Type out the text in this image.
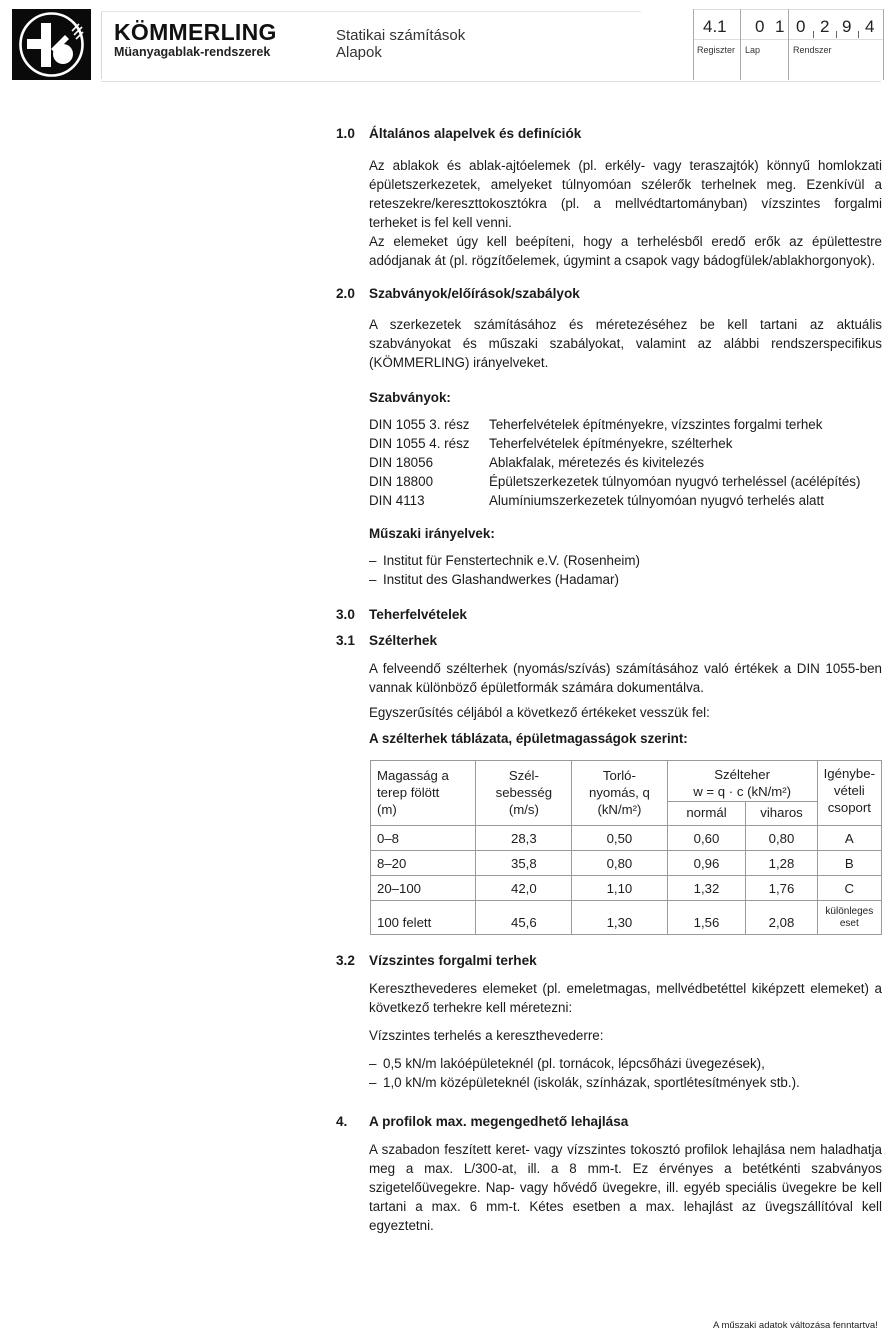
KÖMMERLING
Müanyagablak-rendszerek
Statikai számítások
Alapok
4.1
Regiszter
0 1
Lap
0 2 9 4
Rendszer
1.0 Általános alapelvek és definíciók

Az ablakok és ablak-ajtóelemek (pl. erkély- vagy teraszajtók) könnyű homlokzati épületszerkezetek, amelyeket túlnyomóan szélerők terhelnek meg. Ezenkívül a reteszekre/kereszttokosztókra (pl. a mellvédtartományban) vízszintes forgalmi terheket is fel kell venni.

Az elemeket úgy kell beépíteni, hogy a terhelésből eredő erők az épülettestre adódjanak át (pl. rögzítőelemek, úgymint a csapok vagy bádogfülek/ablakhorgonyok).

2.0 Szabványok/előírások/szabályok

A szerkezetek számításához és méretezéséhez be kell tartani az aktuális szabványokat és műszaki szabályokat, valamint az alábbi rendszerspecifikus (KÖMMERLING) irányelveket.

Szabványok:

DIN 1055 3. rész	Teherfelvételek építményekre, vízszintes forgalmi terhek
DIN 1055 4. rész	Teherfelvételek építményekre, szélterhek
DIN 18056	Ablakfalak, méretezés és kivitelezés
DIN 18800	Épületszerkezetek túlnyomóan nyugvó terheléssel (acélépítés)
DIN 4113	Alumíniumszerkezetek túlnyomóan nyugvó terhelés alatt

Műszaki irányelvek:

– Institut für Fenstertechnik e.V. (Rosenheim)
– Institut des Glashandwerkes (Hadamar)
3.0 Teherfelvételek
3.1 Szélterhek

A felveendő szélterhek (nyomás/szívás) számításához való értékek a DIN 1055-ben vannak különböző épületformák számára dokumentálva.

Egyszerűsítés céljából a következő értékeket vesszük fel:

A szélterhek táblázata, épületmagasságok szerint:

Magasság a
terep fölött
(m)	Szél-
sebesség
(m/s)	Torló-
nyomás, q
(kN/m²)	Szélteher
w = q · c (kN/m²)		Igénybe-
vételi
csoport
			normál	viharos	
0–8	28,3	0,50	0,60	0,80	A
8–20	35,8	0,80	0,96	1,28	B
20–100	42,0	1,10	1,32	1,76	C
100 felett	45,6	1,30	1,56	2,08	különleges eset
3.2 Vízszintes forgalmi terhek

Kereszthevederes elemeket (pl. emeletmagas, mellvédbetéttel kiképzett elemeket) a következő terhekre kell méretezni:

Vízszintes terhelés a kereszthevederre:

– 0,5 kN/m lakóépületeknél (pl. tornácok, lépcsőházi üvegezések),
– 1,0 kN/m középületeknél (iskolák, színházak, sportlétesítmények stb.).
4. A profilok max. megengedhető lehajlása

A szabadon feszített keret- vagy vízszintes tokosztó profilok lehajlása nem haladhatja meg a max. L/300-at, ill. a 8 mm-t. Ez érvényes a betétkénti szabványos szigetelőüvegekre. Nap- vagy hővédő üvegekre, ill. egyéb speciális üvegekre be kell tartani a max. 6 mm-t. Kétes esetben a max. lehajlást az üvegszállítóval kell egyeztetni.

A műszaki adatok változása fenntartva!
